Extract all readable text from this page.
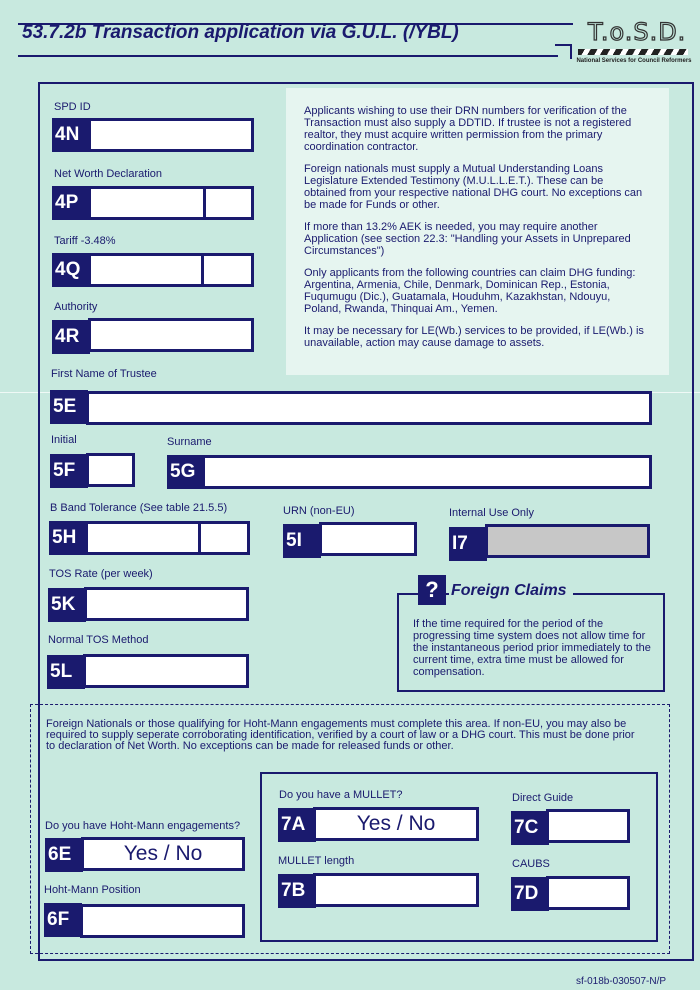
53.7.2b Transaction application via G.U.L. (/YBL)	T.o.S.D.
National Services for Council Reformers

Applicants wishing to use their DRN numbers for verification of the Transaction must also supply a DDTID. If trustee is not a registered realtor, they must acquire written permission from the primary coordination contractor.

Foreign nationals must supply a Mutual Understanding Loans Legislature Extended Testimony (M.U.L.L.E.T.). These can be obtained from your respective national DHG court. No exceptions can be made for Funds or other.

If more than 13.2% AEK is needed, you may require another Application (see section 22.3: "Handling your Assets in Unprepared Circumstances")

Only applicants from the following countries can claim DHG funding: Argentina, Armenia, Chile, Denmark, Dominican Rep., Estonia, Fuqumugu (Dic.), Guatamala, Houduhm, Kazakhstan, Ndouyu, Poland, Rwanda, Thinquai Am., Yemen.

It may be necessary for LE(Wb.) services to be provided, if LE(Wb.) is unavailable, action may cause damage to assets.

SPD ID
4N
Net Worth Declaration
4P
Tariff -3.48%
4Q
Authority
4R
First Name of Trustee
5E
Initial
5F
Surname
5G
B Band Tolerance (See table 21.5.5)
5H
URN (non-EU)
5I
Internal Use Only
I7
TOS Rate (per week)
5K
Normal TOS Method
5L
? Foreign Claims
If the time required for the period of the progressing time system does not allow time for the instantaneous period prior immediately to the current time, extra time must be allowed for compensation.
Foreign Nationals or those qualifying for Hoht-Mann engagements must complete this area. If non-EU, you may also be required to supply seperate corroborating identification, verified by a court of law or a DHG court. This must be done prior to declaration of Net Worth. No exceptions can be made for released funds or other.
Do you have Hoht-Mann engagements?
6E	Yes / No
Hoht-Mann Position
6F
Do you have a MULLET?
7A	Yes / No
MULLET length
7B
Direct Guide
7C
CAUBS
7D
sf-018b-030507-N/P
